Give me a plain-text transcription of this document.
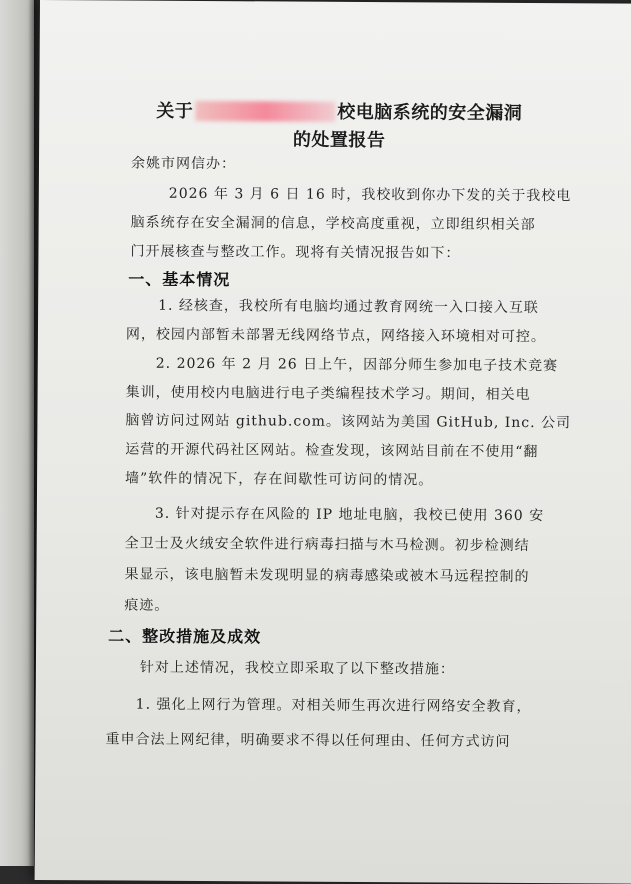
关于	校电脑系统的安全漏洞
的处置报告
余姚市网信办：
2026 年 3 月 6 日 16 时，我校收到你办下发的关于我校电
脑系统存在安全漏洞的信息，学校高度重视，立即组织相关部
门开展核查与整改工作。现将有关情况报告如下：
一、基本情况
1. 经核查，我校所有电脑均通过教育网统一入口接入互联
网，校园内部暂未部署无线网络节点，网络接入环境相对可控。
2. 2026 年 2 月 26 日上午，因部分师生参加电子技术竞赛
集训，使用校内电脑进行电子类编程技术学习。期间，相关电
脑曾访问过网站 github.com。该网站为美国 GitHub, Inc. 公司
运营的开源代码社区网站。检查发现，该网站目前在不使用“翻
墙”软件的情况下，存在间歇性可访问的情况。
3. 针对提示存在风险的 IP 地址电脑，我校已使用 360 安
全卫士及火绒安全软件进行病毒扫描与木马检测。初步检测结
果显示，该电脑暂未发现明显的病毒感染或被木马远程控制的
痕迹。
二、整改措施及成效
针对上述情况，我校立即采取了以下整改措施：
1. 强化上网行为管理。对相关师生再次进行网络安全教育，
重申合法上网纪律，明确要求不得以任何理由、任何方式访问
